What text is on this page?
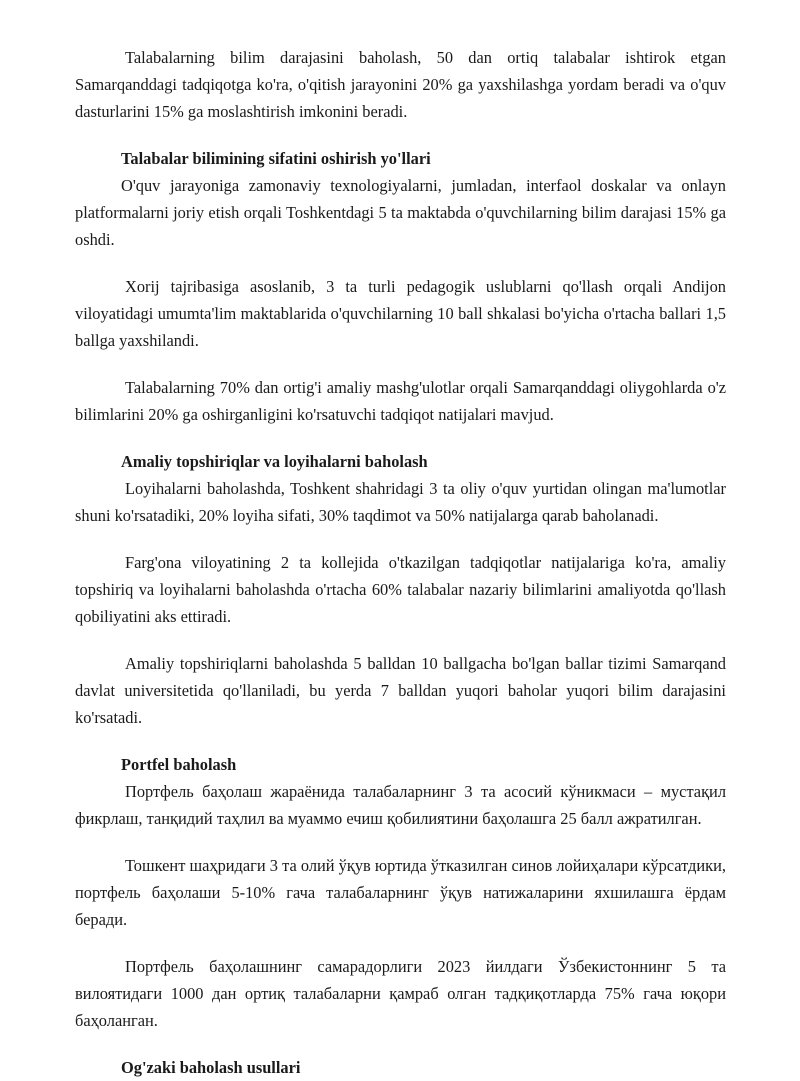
Talabalarning bilim darajasini baholash, 50 dan ortiq talabalar ishtirok etgan Samarqanddagi tadqiqotga ko'ra, o'qitish jarayonini 20% ga yaxshilashga yordam beradi va o'quv dasturlarini 15% ga moslashtirish imkonini beradi.

Talabalar bilimining sifatini oshirish yo'llari

O'quv jarayoniga zamonaviy texnologiyalarni, jumladan, interfaol doskalar va onlayn platformalarni joriy etish orqali Toshkentdagi 5 ta maktabda o'quvchilarning bilim darajasi 15% ga oshdi.

Xorij tajribasiga asoslanib, 3 ta turli pedagogik uslublarni qo'llash orqali Andijon viloyatidagi umumta'lim maktablarida o'quvchilarning 10 ball shkalasi bo'yicha o'rtacha ballari 1,5 ballga yaxshilandi.

Talabalarning 70% dan ortig'i amaliy mashg'ulotlar orqali Samarqanddagi oliygohlarda o'z bilimlarini 20% ga oshirganligini ko'rsatuvchi tadqiqot natijalari mavjud.

Amaliy topshiriqlar va loyihalarni baholash

Loyihalarni baholashda, Toshkent shahridagi 3 ta oliy o'quv yurtidan olingan ma'lumotlar shuni ko'rsatadiki, 20% loyiha sifati, 30% taqdimot va 50% natijalarga qarab baholanadi.

Farg'ona viloyatining 2 ta kollejida o'tkazilgan tadqiqotlar natijalariga ko'ra, amaliy topshiriq va loyihalarni baholashda o'rtacha 60% talabalar nazariy bilimlarini amaliyotda qo'llash qobiliyatini aks ettiradi.

Amaliy topshiriqlarni baholashda 5 balldan 10 ballgacha bo'lgan ballar tizimi Samarqand davlat universitetida qo'llaniladi, bu yerda 7 balldan yuqori baholar yuqori bilim darajasini ko'rsatadi.

Portfel baholash

Портфель баҳолаш жараёнида талабаларнинг 3 та асосий кўникмаси – мустақил фикрлаш, танқидий таҳлил ва муаммо ечиш қобилиятини баҳолашга 25 балл ажратилган.

Тошкент шаҳридаги 3 та олий ўқув юртида ўтказилган синов лойиҳалари кўрсатдики, портфель баҳолаши 5-10% гача талабаларнинг ўқув натижаларини яхшилашга ёрдам беради.

Портфель баҳолашнинг самарадорлиги 2023 йилдаги Ўзбекистоннинг 5 та вилоятидаги 1000 дан ортиқ талабаларни қамраб олган тадқиқотларда 75% гача юқори баҳоланган.

Og'zaki baholash usullari
